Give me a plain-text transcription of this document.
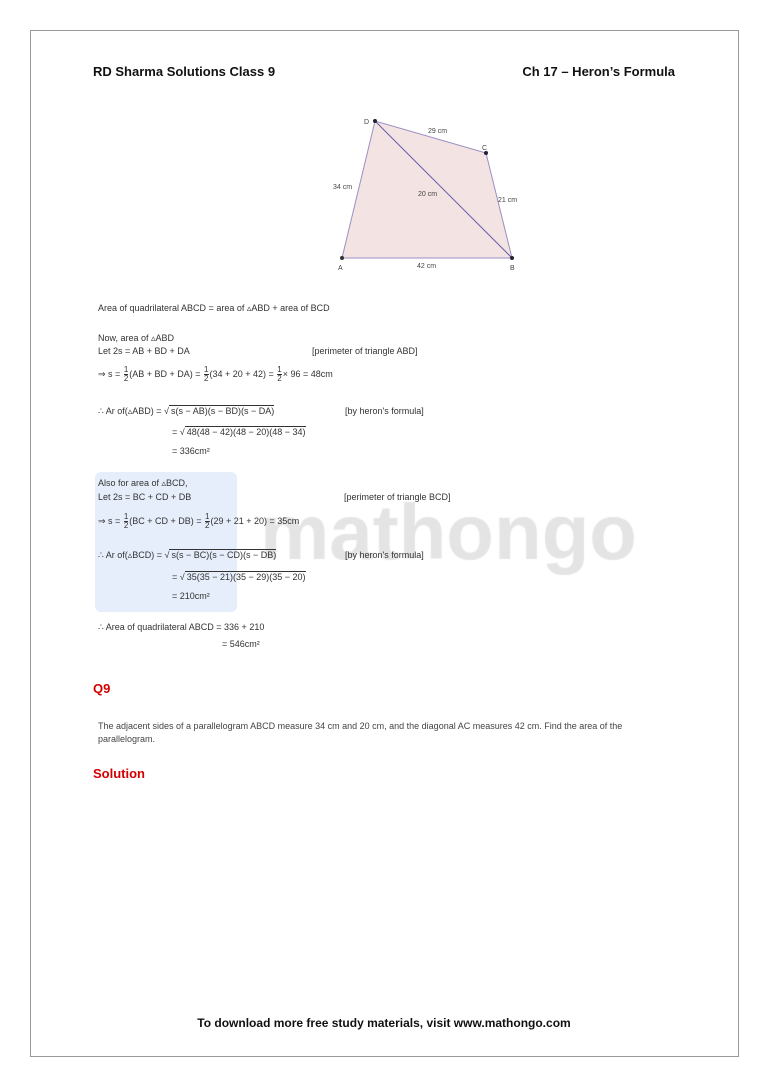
RD Sharma Solutions Class 9	Ch 17 – Heron’s Formula
A	B
C
D
29 cm
34 cm
20 cm
21 cm
42 cm
Area of quadrilateral ABCD = area of ▵ABD + area of BCD
Now, area of ▵ABD
Let 2s = AB + BD + DA	[perimeter of triangle ABD]
⇒ $s = \frac{1}{2} (AB$ + BD + $DA) = \frac{1}{2} (34 + 20 + 42) = \frac{1}{2} \times 96 = 48cm$
∴ Ar of(▵ABD) = √ s(s − AB)(s − BD)(s − DA)	[by heron's formula]
= √ 48(48 − 42)(48 − 20)(48 − 34)
= 336cm²
Also for area of ▵BCD,
Let 2s = BC + CD + DB	[perimeter of triangle BCD]
⇒ $s = \frac{1}{2} (BC$ + CD + $DB) = \frac{1}{2} (29 + 21 + 20) = 35cm$
∴ Ar of(▵BCD) = √ s(s − BC)(s − CD)(s − DB)	[by heron's formula]
= √ 35(35 − 21)(35 − 29)(35 − 20)
= 210cm²
∴ Area of quadrilateral ABCD = 336 + 210
= 546cm²
Q9
The adjacent sides of a parallelogram ABCD measure 34 cm and 20 cm, and the diagonal AC measures 42 cm. Find the area of the parallelogram.
Solution
To download more free study materials, visit www.mathongo.com
